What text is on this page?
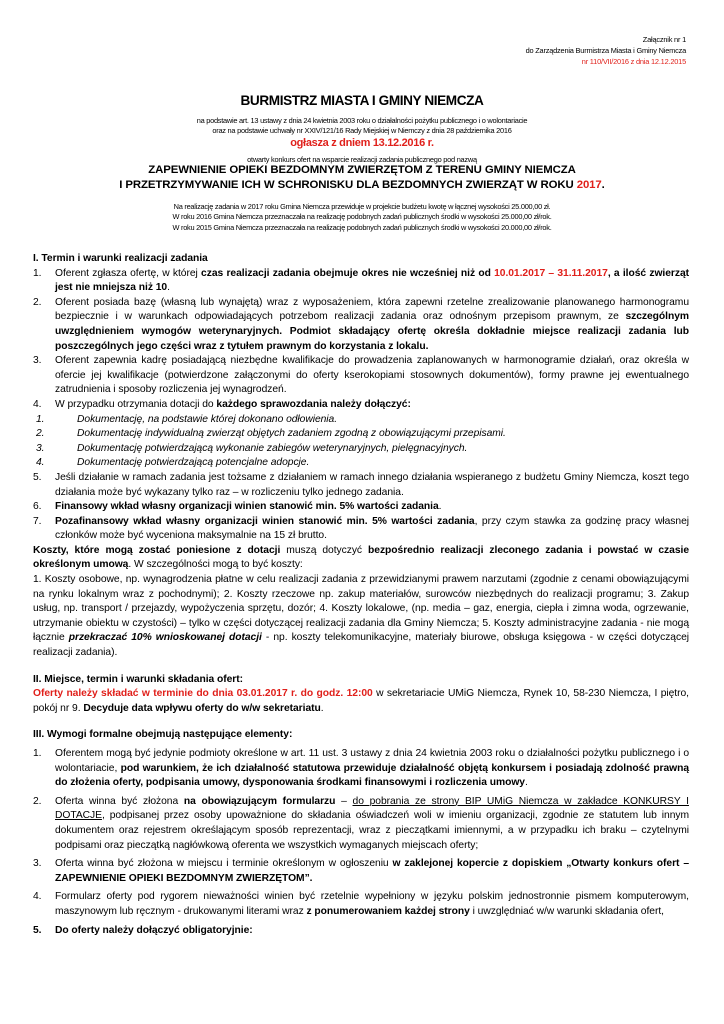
Załącznik nr 1
do Zarządzenia Burmistrza Miasta i Gminy Niemcza
nr 110/VII/2016 z dnia 12.12.2015
BURMISTRZ MIASTA I GMINY NIEMCZA
na podstawie art. 13 ustawy z dnia 24 kwietnia 2003 roku o działalności pożytku publicznego i o wolontariacie
oraz na podstawie uchwały nr XXIV/121/16 Rady Miejskiej w Niemczy z dnia 28 października 2016
ogłasza z dniem 13.12.2016 r.
otwarty konkurs ofert na wsparcie realizacji zadania publicznego pod nazwą
ZAPEWNIENIE OPIEKI BEZDOMNYM ZWIERZĘTOM Z TERENU GMINY NIEMCZA
I PRZETRZYMYWANIE ICH W SCHRONISKU DLA BEZDOMNYCH ZWIERZĄT W ROKU 2017.
Na realizację zadania w 2017 roku Gmina Niemcza przewiduje w projekcie budżetu kwotę w łącznej wysokości 25.000,00 zł.
W roku 2016 Gmina Niemcza przeznaczała na realizację podobnych zadań publicznych środki w wysokości 25.000,00 zł/rok.
W roku 2015 Gmina Niemcza przeznaczała na realizację podobnych zadań publicznych środki w wysokości 20.000,00 zł/rok.
I. Termin i warunki realizacji zadania
1. Oferent zgłasza ofertę, w której czas realizacji zadania obejmuje okres nie wcześniej niż od 10.01.2017 – 31.11.2017, a ilość zwierząt jest nie mniejsza niż 10.
2. Oferent posiada bazę (własną lub wynajętą) wraz z wyposażeniem, która zapewni rzetelne zrealizowanie planowanego harmonogramu bezpiecznie i w warunkach odpowiadających potrzebom realizacji zadania oraz odnośnym przepisom prawnym, ze szczególnym uwzględnieniem wymogów weterynaryjnych. Podmiot składający ofertę określa dokładnie miejsce realizacji zadania lub poszczególnych jego części wraz z tytułem prawnym do korzystania z lokalu.
3. Oferent zapewnia kadrę posiadającą niezbędne kwalifikacje do prowadzenia zaplanowanych w harmonogramie działań, oraz określa w ofercie jej kwalifikacje (potwierdzone załączonymi do oferty kserokopiami stosownych dokumentów), formy prawne jej ewentualnego zatrudnienia i sposoby rozliczenia jej wynagrodzeń.
4. W przypadku otrzymania dotacji do każdego sprawozdania należy dołączyć:
1.	Dokumentację, na podstawie której dokonano odłowienia.
2.	Dokumentację indywidualną zwierząt objętych zadaniem zgodną z obowiązującymi przepisami.
3.	Dokumentację potwierdzającą wykonanie zabiegów weterynaryjnych, pielęgnacyjnych.
4.	Dokumentację potwierdzającą potencjalne adopcje.
5. Jeśli działanie w ramach zadania jest tożsame z działaniem w ramach innego działania wspieranego z budżetu Gminy Niemcza, koszt tego działania może być wykazany tylko raz – w rozliczeniu tylko jednego zadania.
6. Finansowy wkład własny organizacji winien stanowić min. 5% wartości zadania.
7. Pozafinansowy wkład własny organizacji winien stanowić min. 5% wartości zadania, przy czym stawka za godzinę pracy własnej członków może być wyceniona maksymalnie na 15 zł brutto.
Koszty, które mogą zostać poniesione z dotacji muszą dotyczyć bezpośrednio realizacji zleconego zadania i powstać w czasie określonym umową. W szczególności mogą to być koszty:
1. Koszty osobowe, np. wynagrodzenia płatne w celu realizacji zadania z przewidzianymi prawem narzutami (zgodnie z cenami obowiązującymi na rynku lokalnym wraz z pochodnymi); 2. Koszty rzeczowe np. zakup materiałów, surowców niezbędnych do realizacji programu; 3. Zakup usług, np. transport / przejazdy, wypożyczenia sprzętu, dozór; 4. Koszty lokalowe, (np. media – gaz, energia, ciepła i zimna woda, ogrzewanie, utrzymanie obiektu w czystości) – tylko w części dotyczącej realizacji zadania dla Gminy Niemcza; 5. Koszty administracyjne zadania - nie mogą łącznie przekraczać 10% wnioskowanej dotacji - np. koszty telekomunikacyjne, materiały biurowe, obsługa księgowa - w części dotyczącej realizacji zadania).
II. Miejsce, termin i warunki składania ofert:
Oferty należy składać w terminie do dnia 03.01.2017 r. do godz. 12:00 w sekretariacie UMiG Niemcza, Rynek 10, 58-230 Niemcza, I piętro, pokój nr 9. Decyduje data wpływu oferty do w/w sekretariatu.
III. Wymogi formalne obejmują następujące elementy:
1. Oferentem mogą być jedynie podmioty określone w art. 11 ust. 3 ustawy z dnia 24 kwietnia 2003 roku o działalności pożytku publicznego i o wolontariacie, pod warunkiem, że ich działalność statutowa przewiduje działalność objętą konkursem i posiadają zdolność prawną do złożenia oferty, podpisania umowy, dysponowania środkami finansowymi i rozliczenia umowy.
2. Oferta winna być złożona na obowiązującym formularzu – do pobrania ze strony BIP UMiG Niemcza w zakładce KONKURSY I DOTACJE, podpisanej przez osoby upoważnione do składania oświadczeń woli w imieniu organizacji, zgodnie ze statutem lub innym dokumentem oraz rejestrem określającym sposób reprezentacji, wraz z pieczątkami imiennymi, a w przypadku ich braku – czytelnymi podpisami oraz pieczątką nagłówkową oferenta we wszystkich wymaganych miejscach oferty;
3. Oferta winna być złożona w miejscu i terminie określonym w ogłoszeniu w zaklejonej kopercie z dopiskiem „Otwarty konkurs ofert – ZAPEWNIENIE OPIEKI BEZDOMNYM ZWIERZĘTOM”.
4. Formularz oferty pod rygorem nieważności winien być rzetelnie wypełniony w języku polskim jednostronnie pismem komputerowym, maszynowym lub ręcznym - drukowanymi literami wraz z ponumerowaniem każdej strony i uwzględniać w/w warunki składania ofert,
5. Do oferty należy dołączyć obligatoryjnie:
